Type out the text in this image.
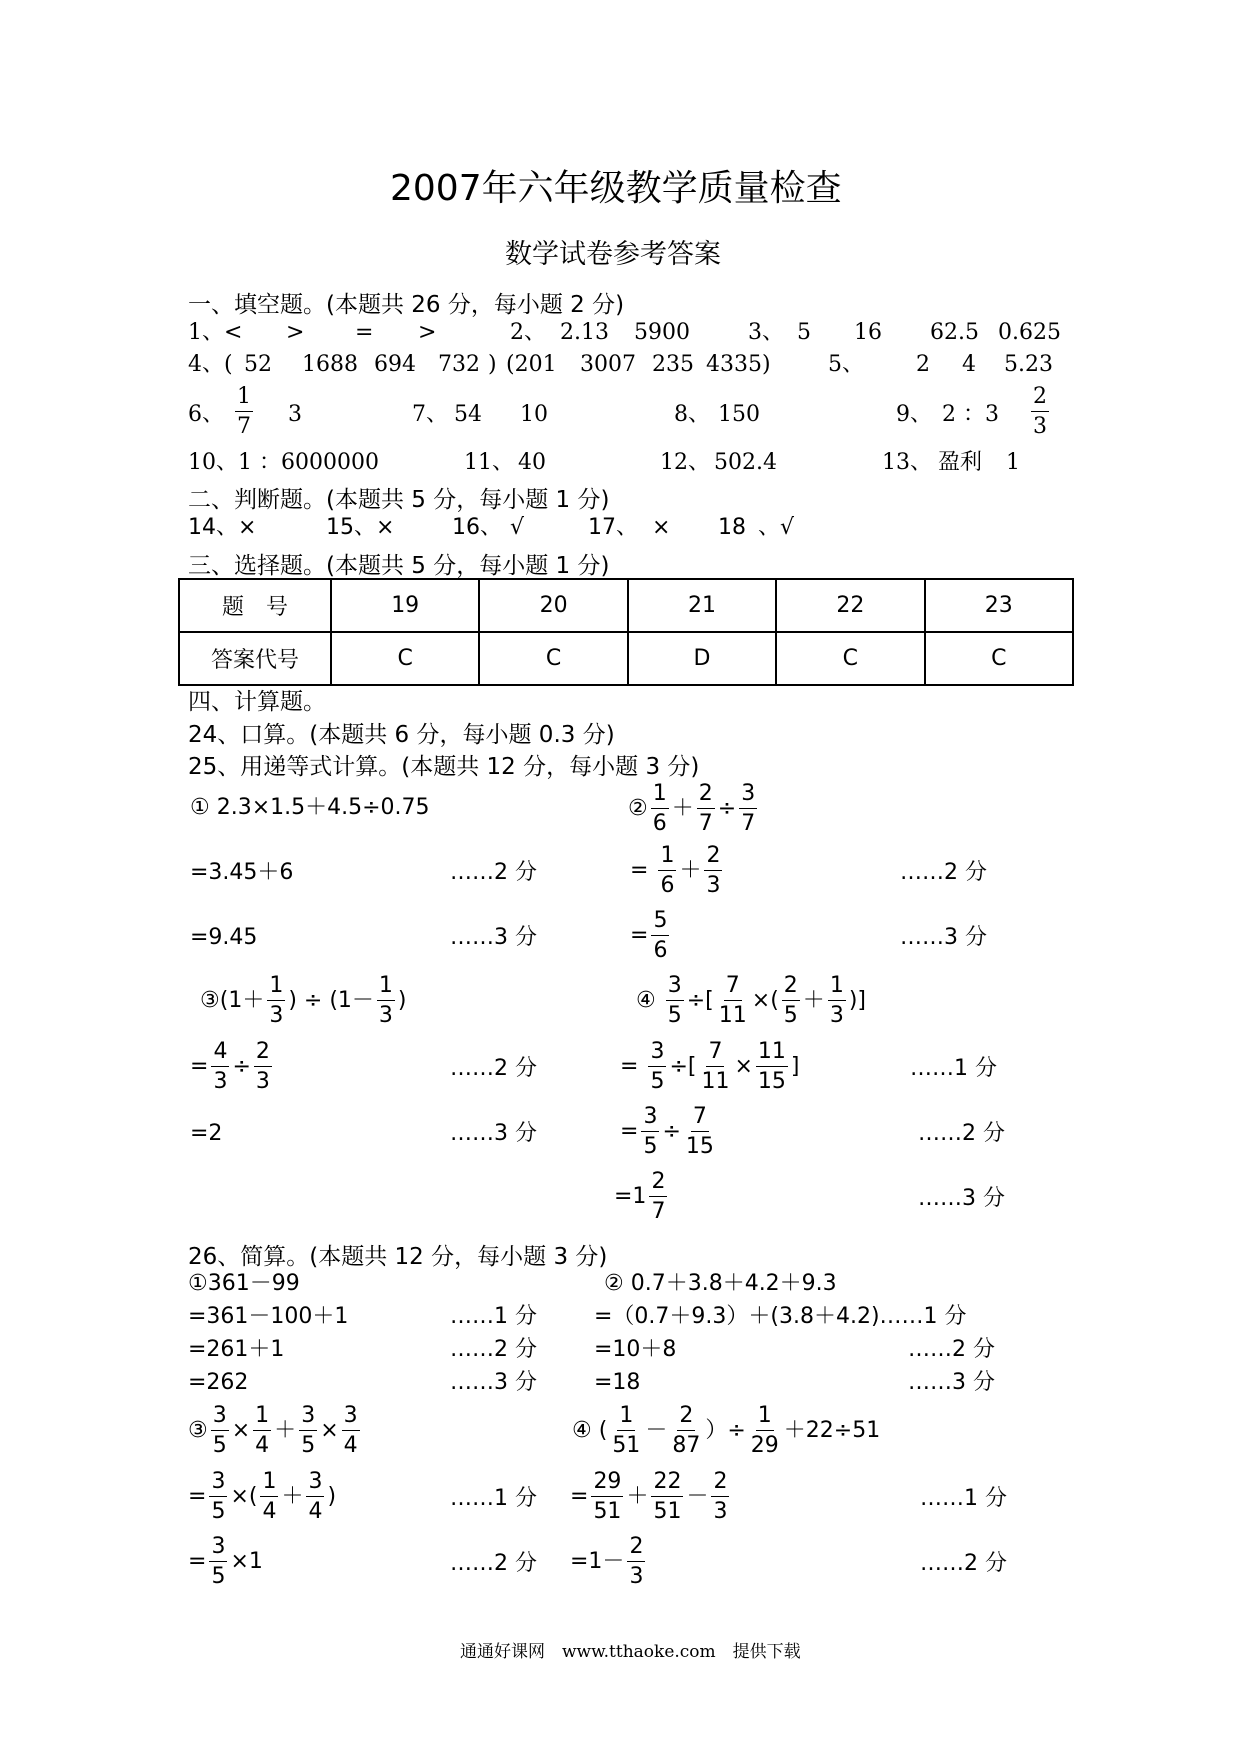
2007年六年级教学质量检查
数学试卷参考答案
一、填空题。(本题共 26 分，每小题 2 分)
1、< > = >	2、 2.13 5900	3、 5 16 62.5 0.625
4、( 52 1688 694 732 ) (201 3007 235 4335)	5、 2 4 5.23
6、 $\frac{1}{7} 3$	7、 54 10	8、 150	9、 2 ：$3 \frac{2}{3}$
10、1 ：6000000	11、 40	12、 502.4	13、 盈利 1
二、判断题。(本题共 5 分，每小题 1 分)
14、×	15、×	16、 √	17、 × 18 、√
三、选择题。(本题共 5 分，每小题 1 分)
题　号	19	20	21	22	23
答案代号	C	C	D	C	C
四、计算题。
24、口算。(本题共 6 分，每小题 0.3 分)
25、用递等式计算。(本题共 12 分，每小题 3 分)
① 2.3×1.5＋4.5÷0.75
=3.45＋6	……2 分
=9.45	……3 分
② $\frac{1}{6} + \frac{2}{7} \div \frac{3}{7}$
=
$\frac{1}{6} + \frac{2}{3}$	……2 分
= $\frac{5}{6}$	……3 分
③ ($1+ \frac{1}{3}$ ) ÷ ($1- \frac{1}{3}$ )
= $\frac{4}{3} \div \frac{2}{3}$	……2 分
=2	……3 分
④
$\frac{3}{5}$ ÷[ $\frac{7}{11}$ ×( $\frac{2}{5} + \frac{1}{3}$ )]
=
$\frac{3}{5}$ ÷[ $\frac{7}{11} \times \frac{11}{15}$ ]	……1 分
= $\frac{3}{5} \div \frac{7}{15}$	……2 分
$=1 \frac{2}{7}$	……3 分
26、简算。(本题共 12 分，每小题 3 分)
①361－99
=361－100＋1	……1 分
=261＋1	……2 分
=262	……3 分
② 0.7＋3.8＋4.2＋9.3
=（0.7＋9.3）＋(3.8＋4.2)……1 分
=10＋8	……2 分
=18	……3 分
③ $\frac{3}{5} \times \frac{1}{4} + \frac{3}{5} \times \frac{3}{4}$
= $\frac{3}{5}$ ×( $\frac{1}{4} + \frac{3}{4}$ )	……1 分
= $\frac{3}{5} \times 1$	……2 分
④ ( $\frac{1}{51} - \frac{2}{87}$ ）÷ $\frac{1}{29} +22\div 51$
= $\frac{29}{51} + \frac{22}{51} - \frac{2}{3}$	……1 分
$=1- \frac{2}{3}$	……2 分
通通好课网　www.tthaoke.com　提供下载
